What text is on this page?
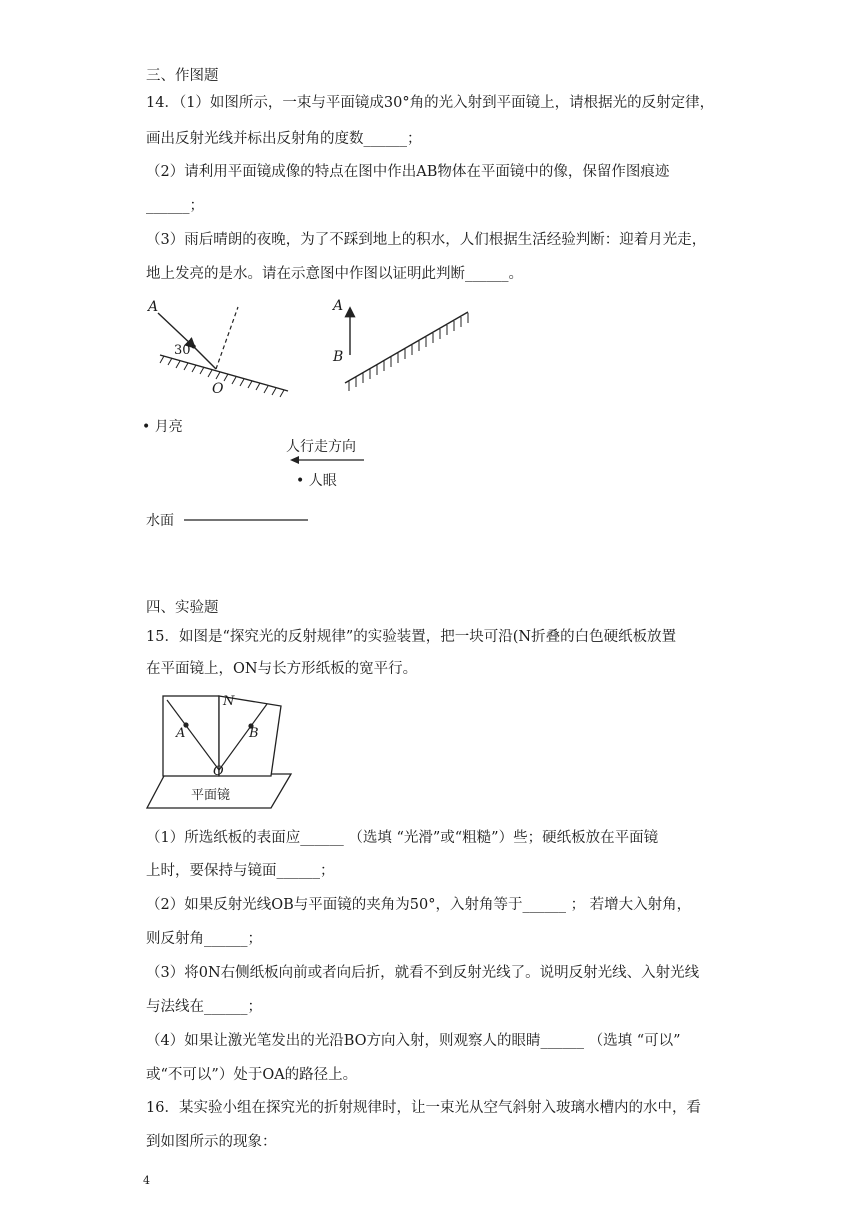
三、作图题
14．（1）如图所示，一束与平面镜成30°角的光入射到平面镜上，请根据光的反射定律，
画出反射光线并标出反射角的度数______；
（2）请利用平面镜成像的特点在图中作出AB物体在平面镜中的像，保留作图痕迹
______；
（3）雨后晴朗的夜晚，为了不踩到地上的积水，人们根据生活经验判断：迎着月光走，
地上发亮的是水。请在示意图中作图以证明此判断______。
A
30°
O
A
B
• 月亮
人行走方向
• 人眼
水面
四、实验题
15．如图是“探究光的反射规律”的实验装置，把一块可沿(N折叠的白色硬纸板放置
在平面镜上，ON与长方形纸板的宽平行。
N
A	B
O
平面镜
（1）所选纸板的表面应______ （选填 “光滑”或“粗糙”）些；硬纸板放在平面镜
上时，要保持与镜面______；
（2）如果反射光线OB与平面镜的夹角为50°，入射角等于______ ； 若增大入射角，
则反射角______；
（3）将0N右侧纸板向前或者向后折，就看不到反射光线了。说明反射光线、入射光线
与法线在______；
（4）如果让激光笔发出的光沿BO方向入射，则观察人的眼睛______ （选填 “可以”
或“不可以”）处于OA的路径上。
16．某实验小组在探究光的折射规律时，让一束光从空气斜射入玻璃水槽内的水中，看
到如图所示的现象：
4
